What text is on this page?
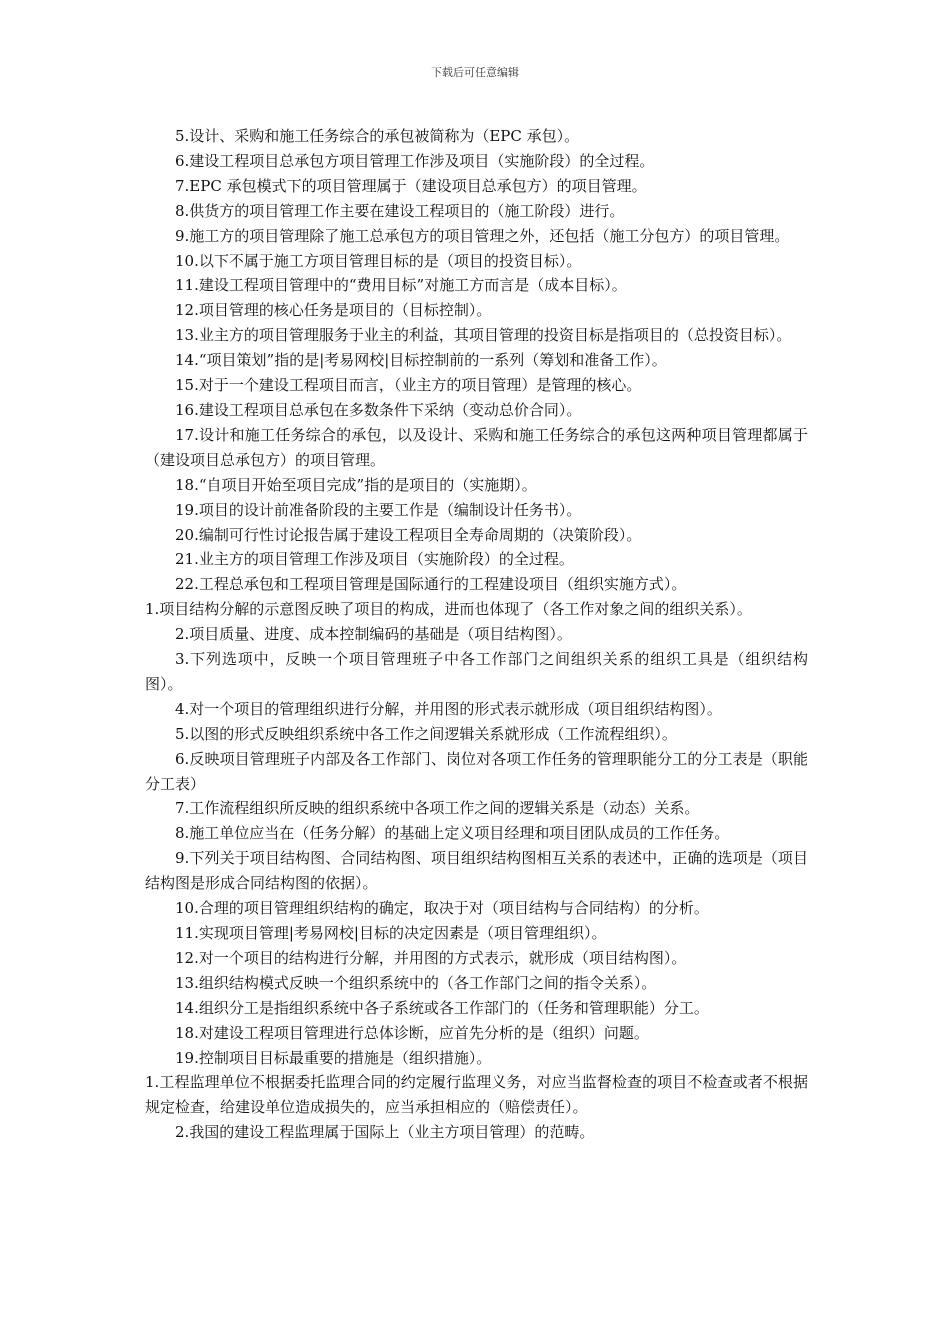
下载后可任意编辑

5.设计、采购和施工任务综合的承包被简称为（EPC 承包）。

6.建设工程项目总承包方项目管理工作涉及项目（实施阶段）的全过程。

7.EPC 承包模式下的项目管理属于（建设项目总承包方）的项目管理。

8.供货方的项目管理工作主要在建设工程项目的（施工阶段）进行。

9.施工方的项目管理除了施工总承包方的项目管理之外，还包括（施工分包方）的项目管理。

10.以下不属于施工方项目管理目标的是（项目的投资目标）。

11.建设工程项目管理中的“费用目标”对施工方而言是（成本目标）。

12.项目管理的核心任务是项目的（目标控制）。

13.业主方的项目管理服务于业主的利益，其项目管理的投资目标是指项目的（总投资目标）。

14.“项目策划”指的是|考易网校|目标控制前的一系列（筹划和准备工作）。

15.对于一个建设工程项目而言，（业主方的项目管理）是管理的核心。

16.建设工程项目总承包在多数条件下采纳（变动总价合同）。

17.设计和施工任务综合的承包，以及设计、采购和施工任务综合的承包这两种项目管理都属于（建设项目总承包方）的项目管理。

18.“自项目开始至项目完成”指的是项目的（实施期）。

19.项目的设计前准备阶段的主要工作是（编制设计任务书）。

20.编制可行性讨论报告属于建设工程项目全寿命周期的（决策阶段）。

21.业主方的项目管理工作涉及项目（实施阶段）的全过程。

22.工程总承包和工程项目管理是国际通行的工程建设项目（组织实施方式）。

1.项目结构分解的示意图反映了项目的构成，进而也体现了（各工作对象之间的组织关系）。

2.项目质量、进度、成本控制编码的基础是（项目结构图）。

3.下列选项中，反映一个项目管理班子中各工作部门之间组织关系的组织工具是（组织结构图）。

4.对一个项目的管理组织进行分解，并用图的形式表示就形成（项目组织结构图）。

5.以图的形式反映组织系统中各工作之间逻辑关系就形成（工作流程组织）。

6.反映项目管理班子内部及各工作部门、岗位对各项工作任务的管理职能分工的分工表是（职能分工表）

7.工作流程组织所反映的组织系统中各项工作之间的逻辑关系是（动态）关系。

8.施工单位应当在（任务分解）的基础上定义项目经理和项目团队成员的工作任务。

9.下列关于项目结构图、合同结构图、项目组织结构图相互关系的表述中，正确的选项是（项目结构图是形成合同结构图的依据）。

10.合理的项目管理组织结构的确定，取决于对（项目结构与合同结构）的分析。

11.实现项目管理|考易网校|目标的决定因素是（项目管理组织）。

12.对一个项目的结构进行分解，并用图的方式表示，就形成（项目结构图）。

13.组织结构模式反映一个组织系统中的（各工作部门之间的指令关系）。

14.组织分工是指组织系统中各子系统或各工作部门的（任务和管理职能）分工。

18.对建设工程项目管理进行总体诊断，应首先分析的是（组织）问题。

19.控制项目目标最重要的措施是（组织措施）。

1.工程监理单位不根据委托监理合同的约定履行监理义务，对应当监督检查的项目不检查或者不根据规定检查，给建设单位造成损失的，应当承担相应的（赔偿责任）。

2.我国的建设工程监理属于国际上（业主方项目管理）的范畴。
